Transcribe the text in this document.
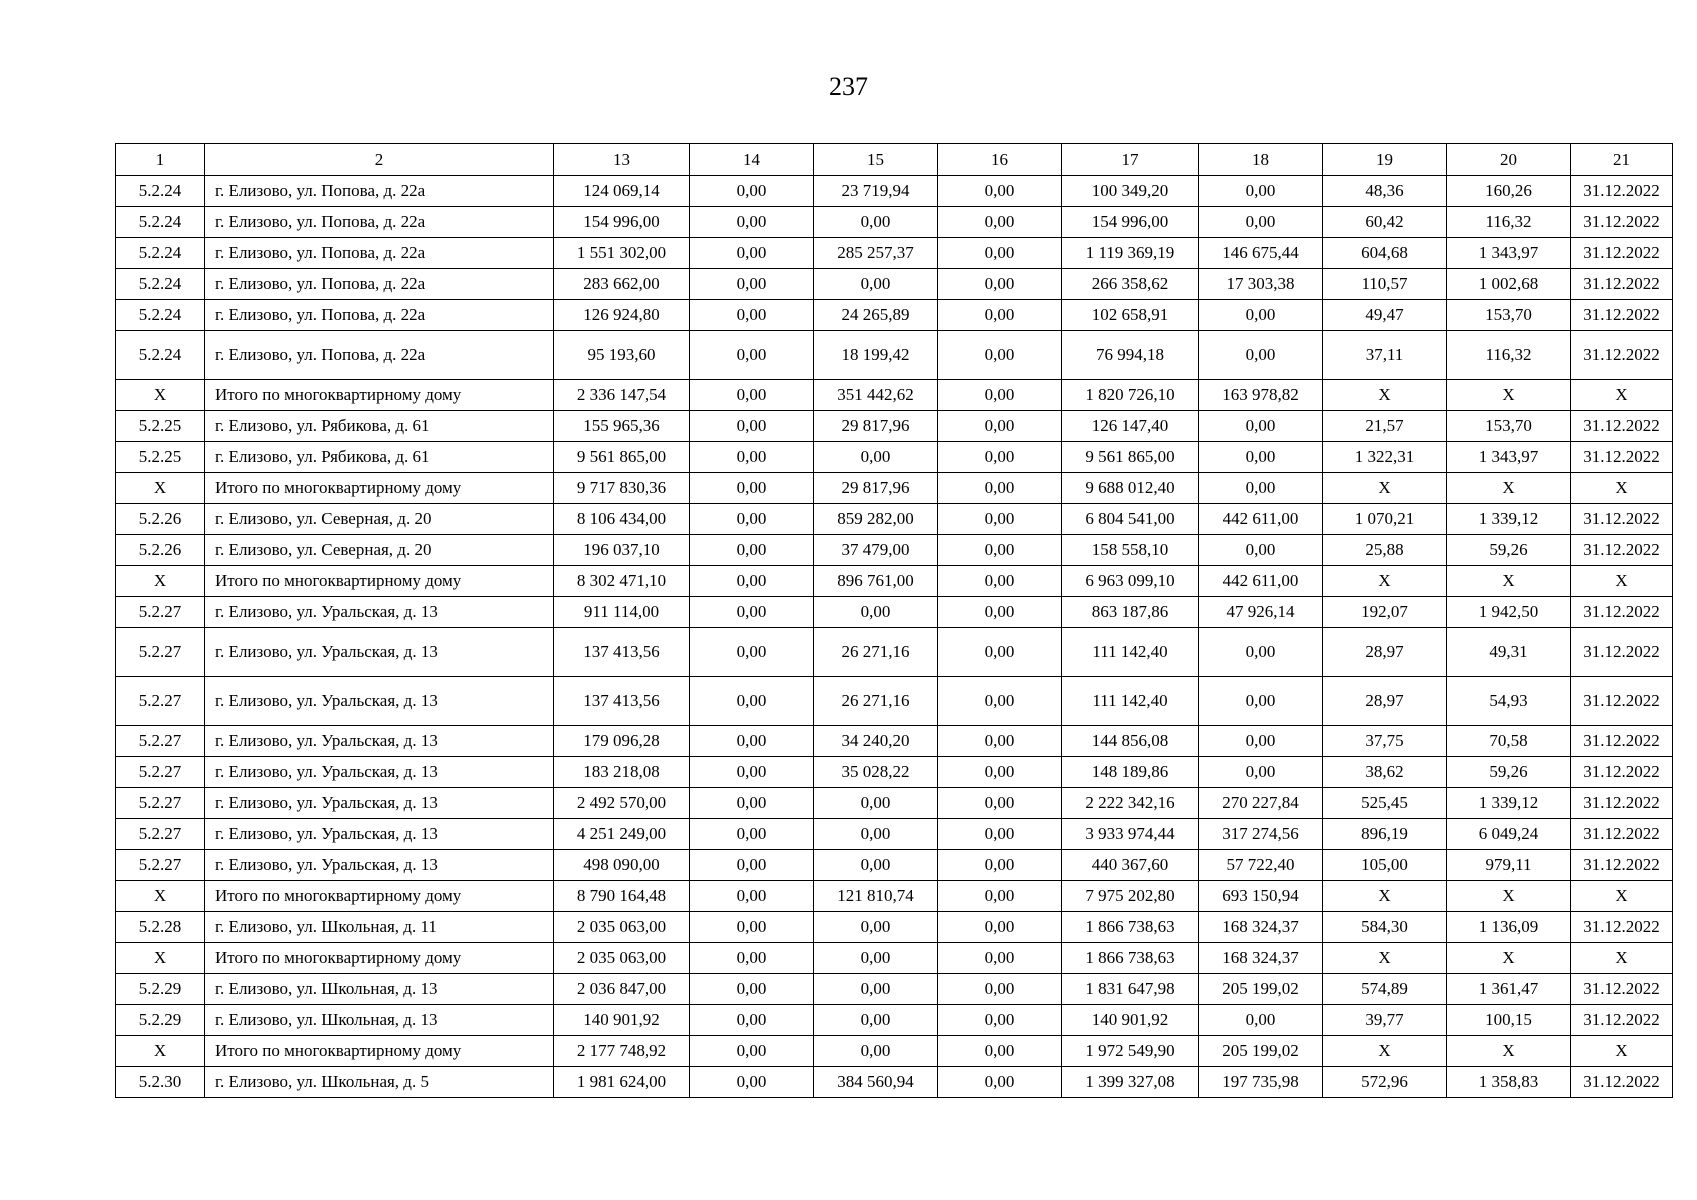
237
1	2	13	14	15	16	17	18	19	20	21
5.2.24	г. Елизово, ул. Попова, д. 22а	124 069,14	0,00	23 719,94	0,00	100 349,20	0,00	48,36	160,26	31.12.2022
5.2.24	г. Елизово, ул. Попова, д. 22а	154 996,00	0,00	0,00	0,00	154 996,00	0,00	60,42	116,32	31.12.2022
5.2.24	г. Елизово, ул. Попова, д. 22а	1 551 302,00	0,00	285 257,37	0,00	1 119 369,19	146 675,44	604,68	1 343,97	31.12.2022
5.2.24	г. Елизово, ул. Попова, д. 22а	283 662,00	0,00	0,00	0,00	266 358,62	17 303,38	110,57	1 002,68	31.12.2022
5.2.24	г. Елизово, ул. Попова, д. 22а	126 924,80	0,00	24 265,89	0,00	102 658,91	0,00	49,47	153,70	31.12.2022
5.2.24	г. Елизово, ул. Попова, д. 22а	95 193,60	0,00	18 199,42	0,00	76 994,18	0,00	37,11	116,32	31.12.2022
X	Итого по многоквартирному дому	2 336 147,54	0,00	351 442,62	0,00	1 820 726,10	163 978,82	X	X	X
5.2.25	г. Елизово, ул. Рябикова, д. 61	155 965,36	0,00	29 817,96	0,00	126 147,40	0,00	21,57	153,70	31.12.2022
5.2.25	г. Елизово, ул. Рябикова, д. 61	9 561 865,00	0,00	0,00	0,00	9 561 865,00	0,00	1 322,31	1 343,97	31.12.2022
X	Итого по многоквартирному дому	9 717 830,36	0,00	29 817,96	0,00	9 688 012,40	0,00	X	X	X
5.2.26	г. Елизово, ул. Северная, д. 20	8 106 434,00	0,00	859 282,00	0,00	6 804 541,00	442 611,00	1 070,21	1 339,12	31.12.2022
5.2.26	г. Елизово, ул. Северная, д. 20	196 037,10	0,00	37 479,00	0,00	158 558,10	0,00	25,88	59,26	31.12.2022
X	Итого по многоквартирному дому	8 302 471,10	0,00	896 761,00	0,00	6 963 099,10	442 611,00	X	X	X
5.2.27	г. Елизово, ул. Уральская, д. 13	911 114,00	0,00	0,00	0,00	863 187,86	47 926,14	192,07	1 942,50	31.12.2022
5.2.27	г. Елизово, ул. Уральская, д. 13	137 413,56	0,00	26 271,16	0,00	111 142,40	0,00	28,97	49,31	31.12.2022
5.2.27	г. Елизово, ул. Уральская, д. 13	137 413,56	0,00	26 271,16	0,00	111 142,40	0,00	28,97	54,93	31.12.2022
5.2.27	г. Елизово, ул. Уральская, д. 13	179 096,28	0,00	34 240,20	0,00	144 856,08	0,00	37,75	70,58	31.12.2022
5.2.27	г. Елизово, ул. Уральская, д. 13	183 218,08	0,00	35 028,22	0,00	148 189,86	0,00	38,62	59,26	31.12.2022
5.2.27	г. Елизово, ул. Уральская, д. 13	2 492 570,00	0,00	0,00	0,00	2 222 342,16	270 227,84	525,45	1 339,12	31.12.2022
5.2.27	г. Елизово, ул. Уральская, д. 13	4 251 249,00	0,00	0,00	0,00	3 933 974,44	317 274,56	896,19	6 049,24	31.12.2022
5.2.27	г. Елизово, ул. Уральская, д. 13	498 090,00	0,00	0,00	0,00	440 367,60	57 722,40	105,00	979,11	31.12.2022
X	Итого по многоквартирному дому	8 790 164,48	0,00	121 810,74	0,00	7 975 202,80	693 150,94	X	X	X
5.2.28	г. Елизово, ул. Школьная, д. 11	2 035 063,00	0,00	0,00	0,00	1 866 738,63	168 324,37	584,30	1 136,09	31.12.2022
X	Итого по многоквартирному дому	2 035 063,00	0,00	0,00	0,00	1 866 738,63	168 324,37	X	X	X
5.2.29	г. Елизово, ул. Школьная, д. 13	2 036 847,00	0,00	0,00	0,00	1 831 647,98	205 199,02	574,89	1 361,47	31.12.2022
5.2.29	г. Елизово, ул. Школьная, д. 13	140 901,92	0,00	0,00	0,00	140 901,92	0,00	39,77	100,15	31.12.2022
X	Итого по многоквартирному дому	2 177 748,92	0,00	0,00	0,00	1 972 549,90	205 199,02	X	X	X
5.2.30	г. Елизово, ул. Школьная, д. 5	1 981 624,00	0,00	384 560,94	0,00	1 399 327,08	197 735,98	572,96	1 358,83	31.12.2022
